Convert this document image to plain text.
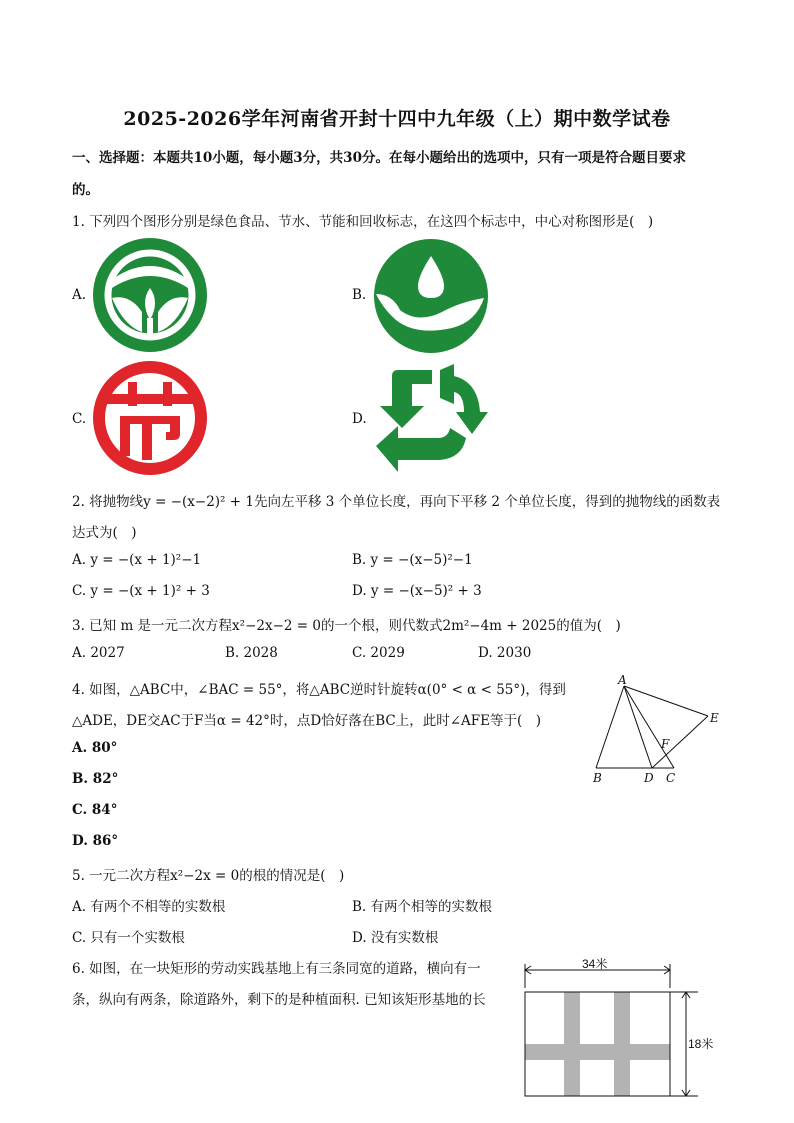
2025-2026学年河南省开封十四中九年级（上）期中数学试卷
一、选择题：本题共10小题，每小题3分，共30分。在每小题给出的选项中，只有一项是符合题目要求
的。
1. 下列四个图形分别是绿色食品、节水、节能和回收标志，在这四个标志中，中心对称图形是(　)
A.	B.
C.	D.
2. 将抛物线y = −(x−2)² + 1先向左平移 3 个单位长度，再向下平移 2 个单位长度，得到的抛物线的函数表
达式为(　)
A. y = −(x + 1)²−1	B. y = −(x−5)²−1
C. y = −(x + 1)² + 3	D. y = −(x−5)² + 3
3. 已知 m 是一元二次方程x²−2x−2 = 0的一个根，则代数式2m²−4m + 2025的值为(　)
A. 2027	B. 2028	C. 2029	D. 2030
4. 如图，△ABC中，∠BAC = 55°，将△ABC逆时针旋转α(0° < α < 55°)，得到
△ADE，DE交AC于F当α = 42°时，点D恰好落在BC上，此时∠AFE等于(　)
A. 80°
B. 82°
C. 84°
D. 86°
A
E
F
B	D C
5. 一元二次方程x²−2x = 0的根的情况是(　)
A. 有两个不相等的实数根	B. 有两个相等的实数根
C. 只有一个实数根	D. 没有实数根
6. 如图，在一块矩形的劳动实践基地上有三条同宽的道路，横向有一
条，纵向有两条，除道路外，剩下的是种植面积. 已知该矩形基地的长
34米
18米
